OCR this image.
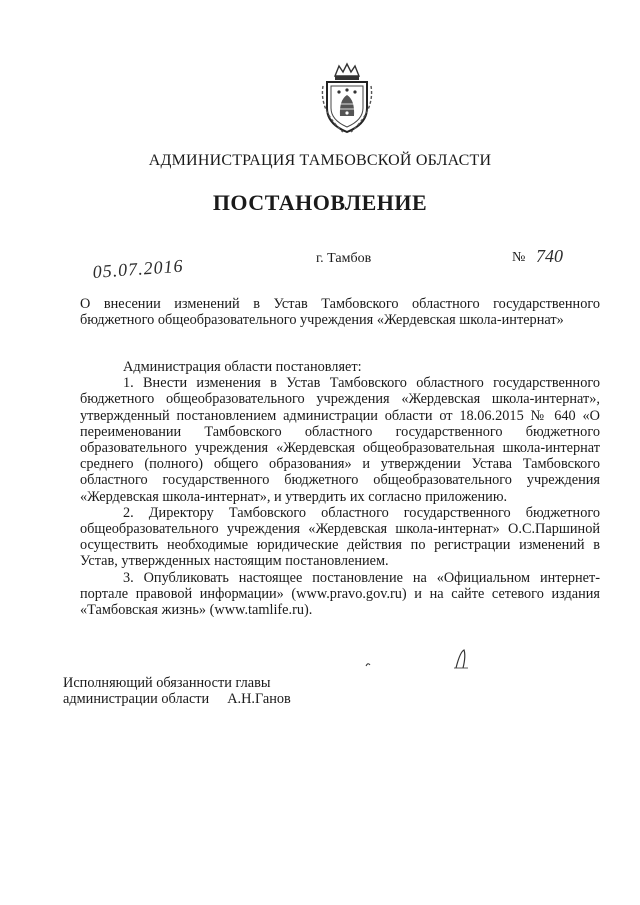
АДМИНИСТРАЦИЯ ТАМБОВСКОЙ ОБЛАСТИ
ПОСТАНОВЛЕНИЕ
г. Тамбов	№ 740
05.07.2016
О внесении изменений в Устав Тамбовского областного государственного бюджетного общеобразовательного учреждения «Жердевская школа-интернат»

Администрация области постановляет:

1. Внести изменения в Устав Тамбовского областного государственного бюджетного общеобразовательного учреждения «Жердевская школа-интернат», утвержденный постановлением администрации области от 18.06.2015 № 640 «О переименовании Тамбовского областного государственного бюджетного образовательного учреждения «Жердевская общеобразовательная школа-интернат среднего (полного) общего образования» и утверждении Устава Тамбовского областного государственного бюджетного общеобразовательного учреждения «Жердевская школа-интернат», и утвердить их согласно приложению.

2. Директору Тамбовского областного государственного бюджетного общеобразовательного учреждения «Жердевская школа-интернат» О.С.Паршиной осуществить необходимые юридические действия по регистрации изменений в Устав, утвержденных настоящим постановлением.

3. Опубликовать настоящее постановление на «Официальном интернет-портале правовой информации» (www.pravo.gov.ru) и на сайте сетевого издания «Тамбовская жизнь» (www.tamlife.ru).

Исполняющий обязанности главы
администрации области А.Н.Ганов
